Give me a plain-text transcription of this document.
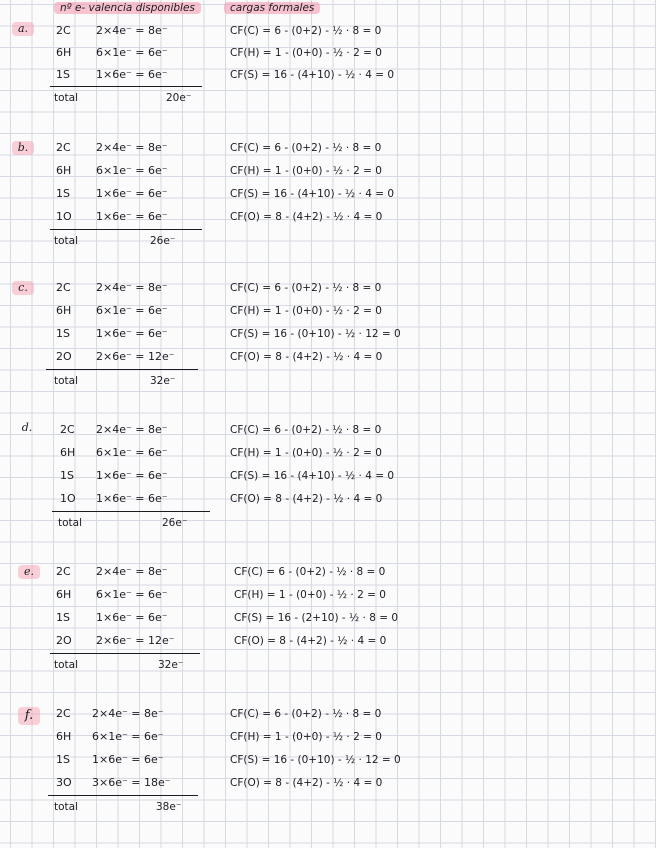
nº e- valencia disponibles	cargas formales
a.	2C	2×4e⁻ = 8e⁻	CF(C) = 6 - (0+2) - ½ · 8 = 0
6H	6×1e⁻ = 6e⁻	CF(H) = 1 - (0+0) - ½ · 2 = 0
1S	1×6e⁻ = 6e⁻	CF(S) = 16 - (4+10) - ½ · 4 = 0
total	20e⁻
b.	2C	2×4e⁻ = 8e⁻	CF(C) = 6 - (0+2) - ½ · 8 = 0
6H	6×1e⁻ = 6e⁻	CF(H) = 1 - (0+0) - ½ · 2 = 0
1S	1×6e⁻ = 6e⁻	CF(S) = 16 - (4+10) - ½ · 4 = 0
1O	1×6e⁻ = 6e⁻	CF(O) = 8 - (4+2) - ½ · 4 = 0
total	26e⁻
c.	2C	2×4e⁻ = 8e⁻	CF(C) = 6 - (0+2) - ½ · 8 = 0
6H	6×1e⁻ = 6e⁻	CF(H) = 1 - (0+0) - ½ · 2 = 0
1S	1×6e⁻ = 6e⁻	CF(S) = 16 - (0+10) - ½ · 12 = 0
2O	2×6e⁻ = 12e⁻	CF(O) = 8 - (4+2) - ½ · 4 = 0
total	32e⁻
d.	2C	2×4e⁻ = 8e⁻	CF(C) = 6 - (0+2) - ½ · 8 = 0
6H	6×1e⁻ = 6e⁻	CF(H) = 1 - (0+0) - ½ · 2 = 0
1S	1×6e⁻ = 6e⁻	CF(S) = 16 - (4+10) - ½ · 4 = 0
1O	1×6e⁻ = 6e⁻	CF(O) = 8 - (4+2) - ½ · 4 = 0
total	26e⁻
e.	2C	2×4e⁻ = 8e⁻	CF(C) = 6 - (0+2) - ½ · 8 = 0
6H	6×1e⁻ = 6e⁻	CF(H) = 1 - (0+0) - ½ · 2 = 0
1S	1×6e⁻ = 6e⁻	CF(S) = 16 - (2+10) - ½ · 8 = 0
2O	2×6e⁻ = 12e⁻	CF(O) = 8 - (4+2) - ½ · 4 = 0
total	32e⁻
f.	2C	2×4e⁻ = 8e⁻	CF(C) = 6 - (0+2) - ½ · 8 = 0
6H	6×1e⁻ = 6e⁻	CF(H) = 1 - (0+0) - ½ · 2 = 0
1S	1×6e⁻ = 6e⁻	CF(S) = 16 - (0+10) - ½ · 12 = 0
3O	3×6e⁻ = 18e⁻	CF(O) = 8 - (4+2) - ½ · 4 = 0
total	38e⁻
